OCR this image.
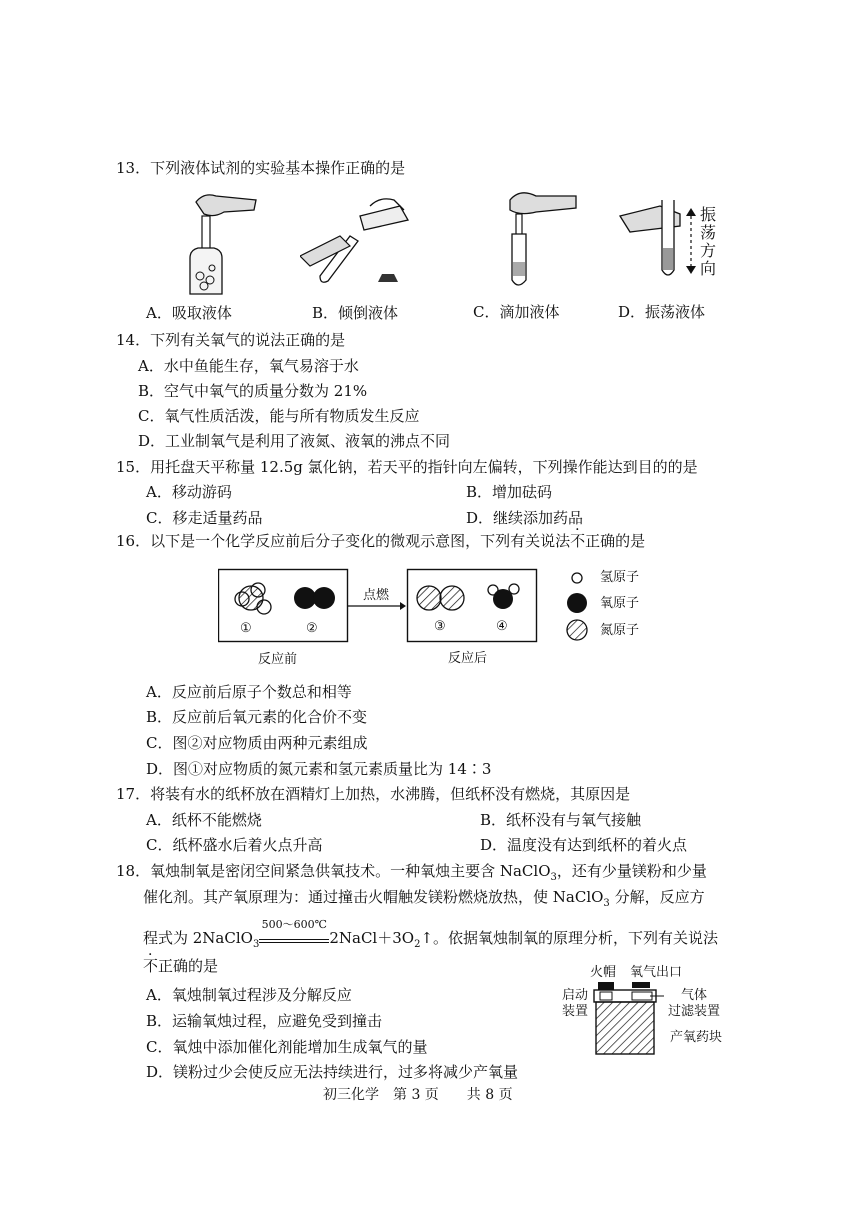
13．下列液体试剂的实验基本操作正确的是
振
荡
方
向
A．吸取液体	B．倾倒液体	C．滴加液体	D．振荡液体
14．下列有关氧气的说法正确的是
A．水中鱼能生存，氧气易溶于水
B．空气中氧气的质量分数为 21%
C．氧气性质活泼，能与所有物质发生反应
D．工业制氧气是利用了液氮、液氧的沸点不同
15．用托盘天平称量 12.5g 氯化钠，若天平的指针向左偏转，下列操作能达到目的的是
A．移动游码	B．增加砝码
C．移走适量药品	D．继续添加药品
16．以下是一个化学反应前后分子变化的微观示意图，下列有关说法不正确的是
点燃
①	②	③	④
反应前	反应后
氢原子
氧原子
氮原子
A．反应前后原子个数总和相等
B．反应前后氧元素的化合价不变
C．图②对应物质由两种元素组成
D．图①对应物质的氮元素和氢元素质量比为 14∶3
17．将装有水的纸杯放在酒精灯上加热，水沸腾，但纸杯没有燃烧，其原因是
A．纸杯不能燃烧	B．纸杯没有与氧气接触
C．纸杯盛水后着火点升高	D．温度没有达到纸杯的着火点
18．氧烛制氧是密闭空间紧急供氧技术。一种氧烛主要含 NaClO$_3$，还有少量镁粉和少量
催化剂。其产氧原理为：通过撞击火帽触发镁粉燃烧放热，使 NaClO$_3$ 分解，反应方
程式为 2NaClO$_3$
500～600℃
$2NaCl+3O_2↑$。依据氧烛制氧的原理分析，下列有关说法
不正确的是	火帽 氧气出口
启动
装置
气体
过滤装置
产氧药块
A．氧烛制氧过程涉及分解反应
B．运输氧烛过程，应避免受到撞击
C．氧烛中添加催化剂能增加生成氧气的量
D．镁粉过少会使反应无法持续进行，过多将减少产氧量
初三化学　第 3 页　　共 8 页
